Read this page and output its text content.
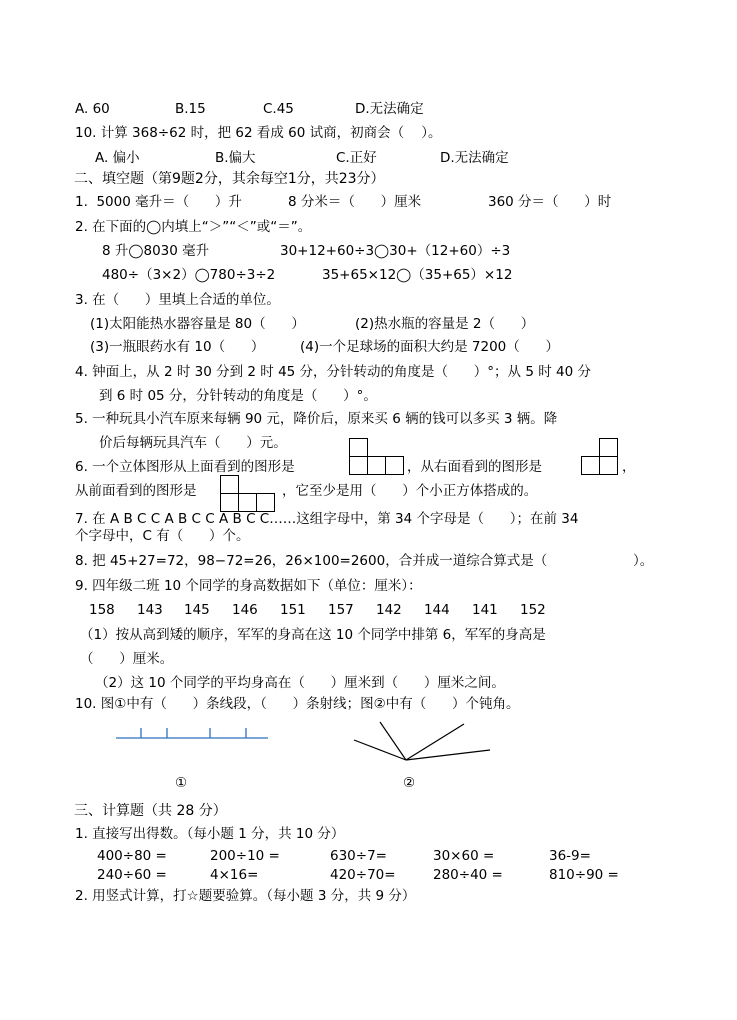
A. 60	B.15	C.45	D.无法确定
10. 计算 368÷62 时，把 62 看成 60 试商，初商会（    ）。
A. 偏小	B.偏大	C.正好	D.无法确定
二、填空题（第9题2分，其余每空1分，共23分）
1.  5000 毫升＝（      ）升	8 分米＝（      ）厘米	360 分＝（      ）时
2. 在下面的◯内填上“＞”“＜”或“＝”。
8 升◯8030 毫升	30+12+60÷3◯30+（12+60）÷3
480÷（3×2）◯780÷3÷2	35+65×12◯（35+65）×12
3. 在（      ）里填上合适的单位。
(1)太阳能热水器容量是 80（      ）	(2)热水瓶的容量是 2（      ）
(3)一瓶眼药水有 10（      ）	(4)一个足球场的面积大约是 7200（      ）
4. 钟面上，从 2 时 30 分到 2 时 45 分，分针转动的角度是（      ）°；从 5 时 40 分
到 6 时 05 分，分针转动的角度是（      ）°。
5. 一种玩具小汽车原来每辆 90 元，降价后，原来买 6 辆的钱可以多买 3 辆。降
价后每辆玩具汽车（      ）元。
6. 一个立体图形从上面看到的图形是	，从右面看到的图形是	，
从前面看到的图形是	，它至少是用（      ）个小正方体搭成的。
7. 在 A B C C A B C C A B C C……这组字母中，第 34 个字母是（      ）；在前 34
个字母中，C 有（      ）个。
8. 把 45+27=72，98−72=26，26×100=2600，合并成一道综合算式是（                    ）。
9. 四年级二班 10 个同学的身高数据如下（单位：厘米）：
158 143 145 146 151 157 142 144 141 152
（1）按从高到矮的顺序，军军的身高在这 10 个同学中排第 6，军军的身高是
（      ）厘米。
（2）这 10 个同学的平均身高在（      ）厘米到（      ）厘米之间。
10. 图①中有（      ）条线段，（      ）条射线；图②中有（      ）个钝角。
①	②
三、计算题（共 28 分）
1. 直接写出得数。（每小题 1 分，共 10 分）
400÷80 =	200÷10 =	630÷7=	30×60 =	36-9=
240÷60 =	4×16=	420÷70=	280÷40 =	810÷90 =
2. 用竖式计算，打☆题要验算。（每小题 3 分，共 9 分）
